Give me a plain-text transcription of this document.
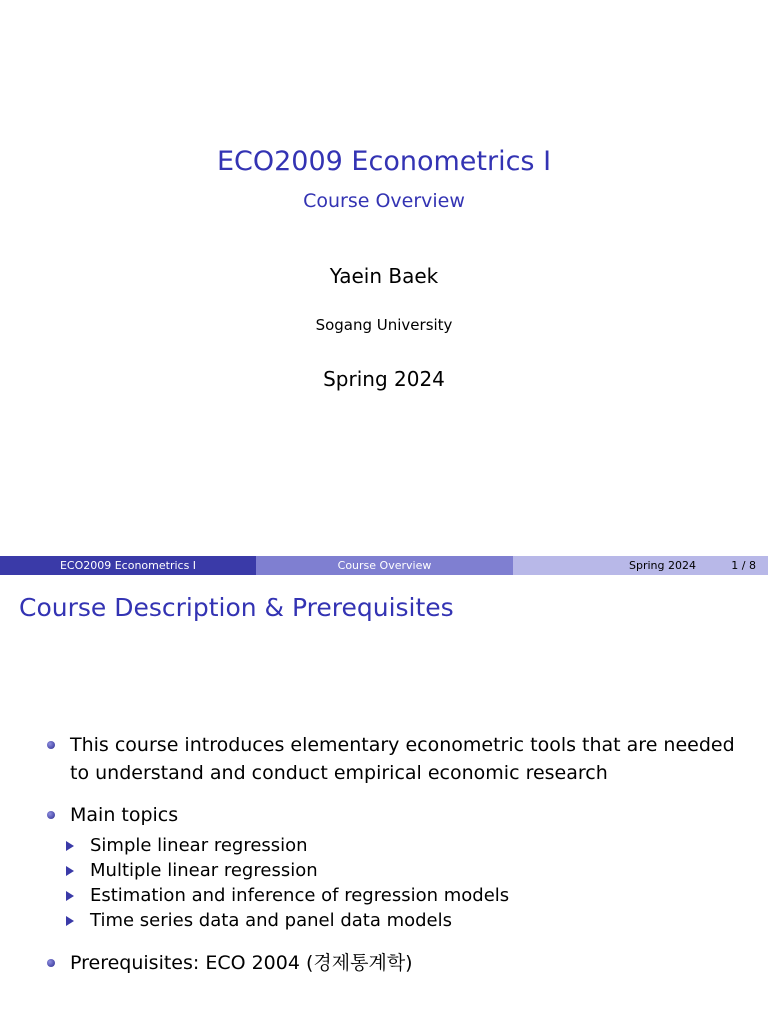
ECO2009 Econometrics I
Course Overview
Yaein Baek
Sogang University
Spring 2024
ECO2009 Econometrics I	Course Overview	Spring 2024	1 / 8
Course Description & Prerequisites
This course introduces elementary econometric tools that are needed to understand and conduct empirical economic research
Main topics
Simple linear regression
Multiple linear regression
Estimation and inference of regression models
Time series data and panel data models
Prerequisites: ECO 2004 (경제통계학)
